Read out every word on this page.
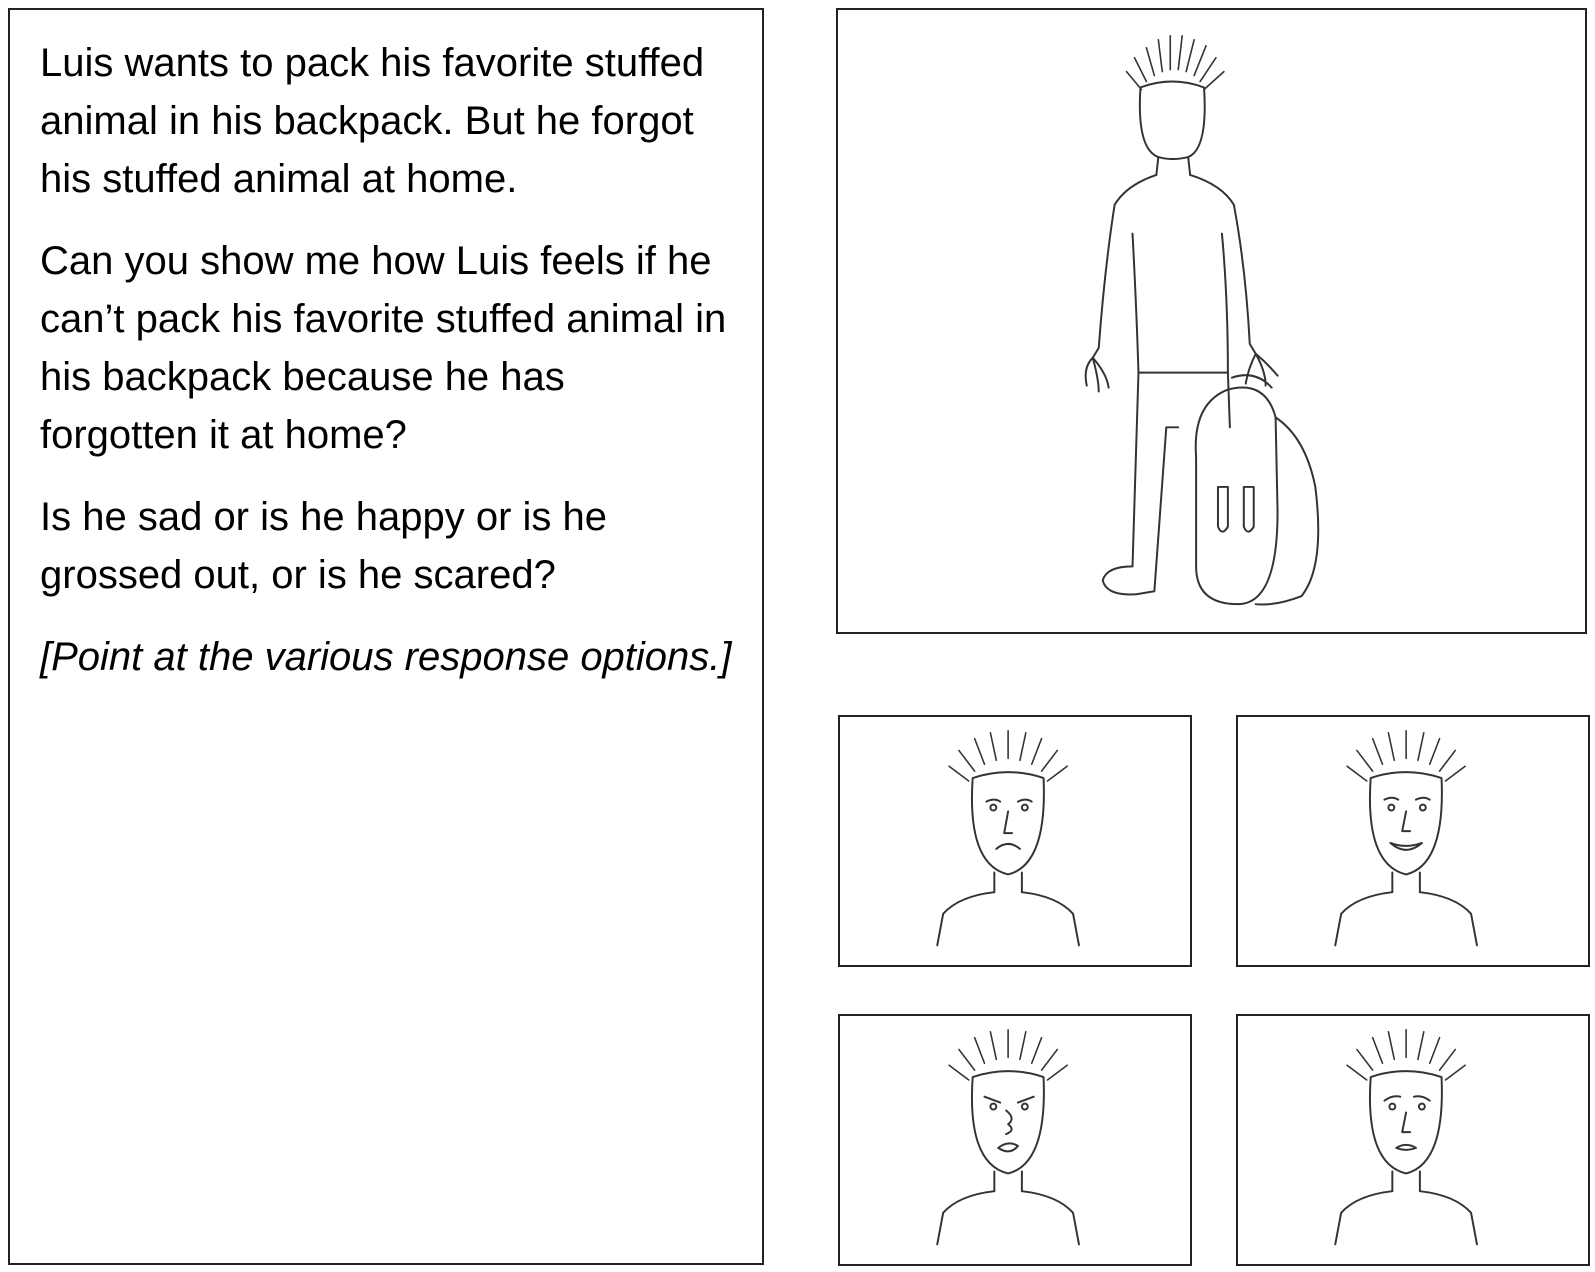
Luis wants to pack his favorite stuffed animal in his backpack. But he forgot his stuffed animal at home.

Can you show me how Luis feels if he can’t pack his favorite stuffed animal in his backpack because he has forgotten it at home?

Is he sad or is he happy or is he grossed out, or is he scared?

[Point at the various response options.]
